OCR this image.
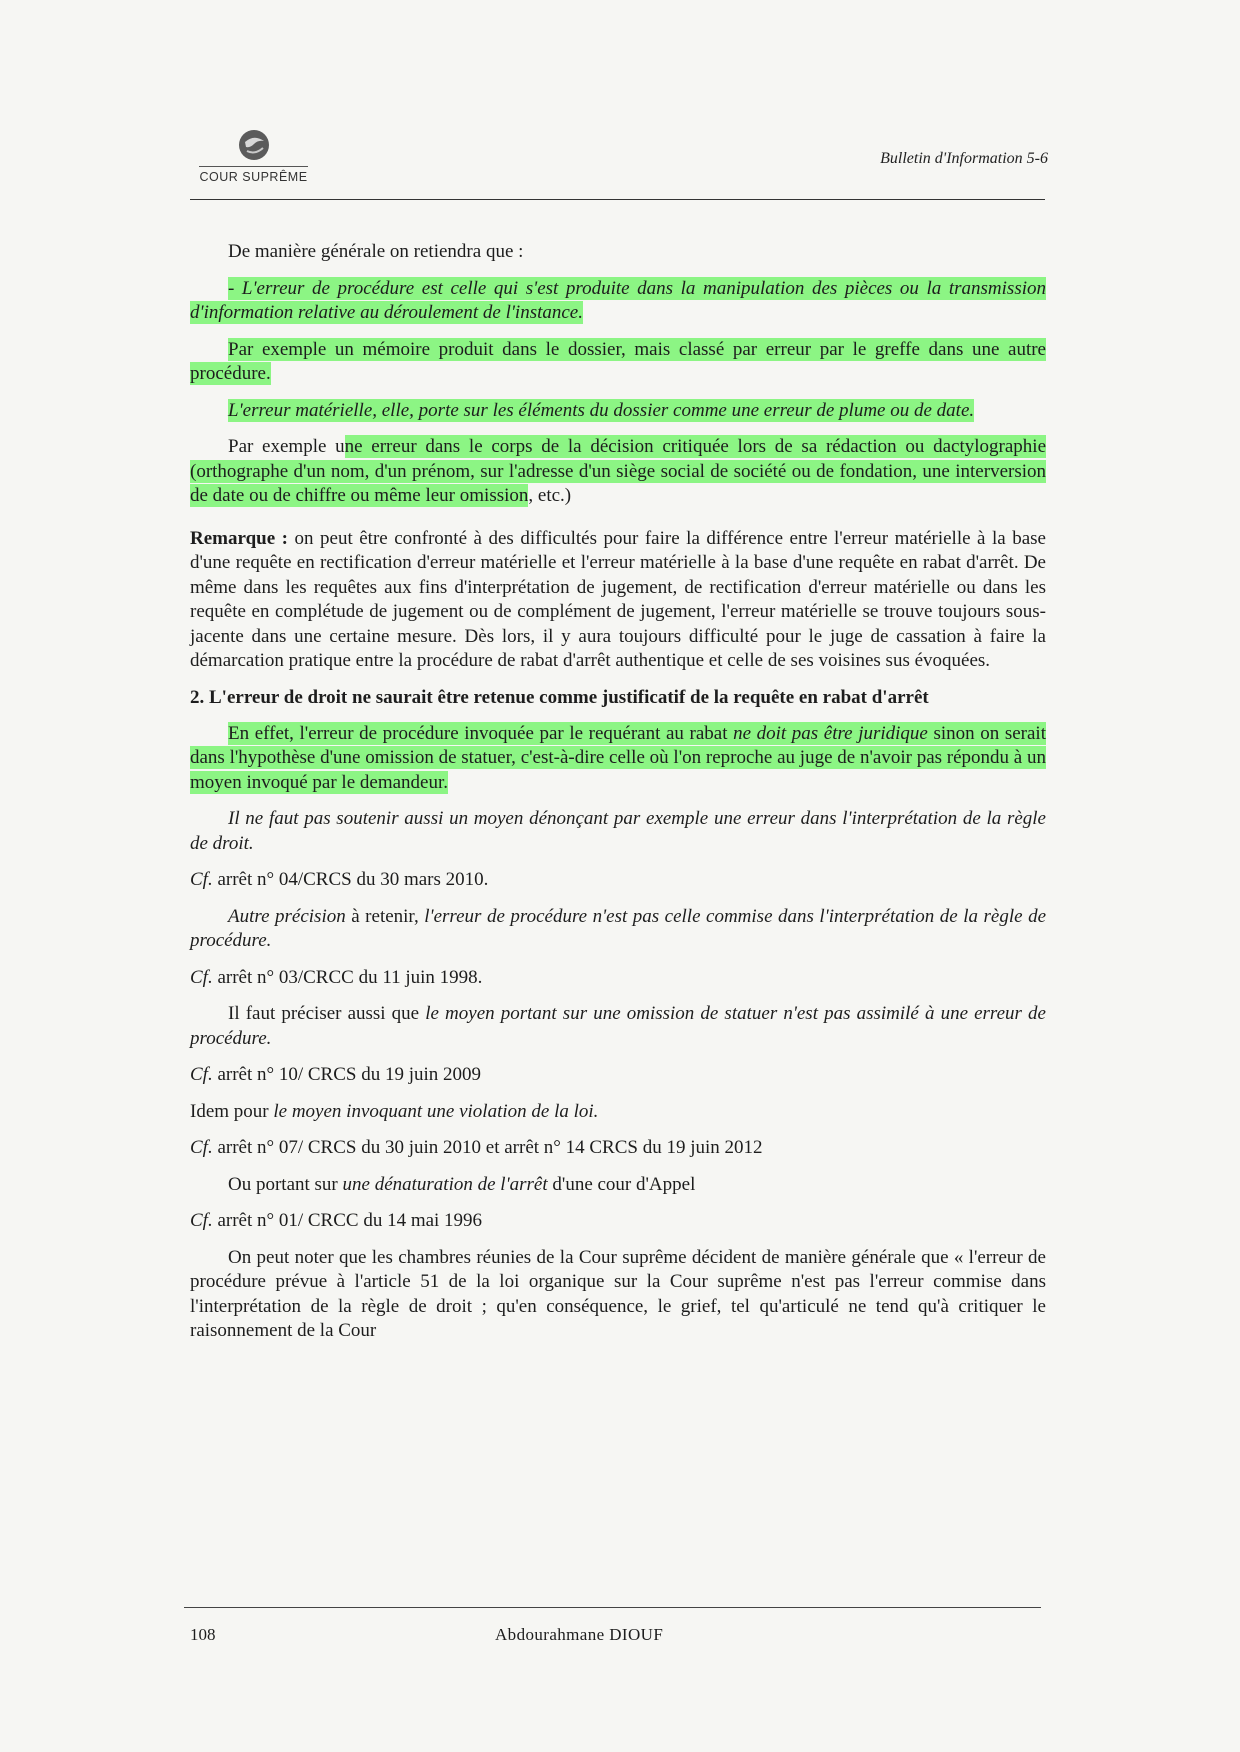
COUR SUPRÊME
Bulletin d'Information 5-6

De manière générale on retiendra que :

- L'erreur de procédure est celle qui s'est produite dans la manipulation des pièces ou la transmission d'information relative au déroulement de l'instance.

Par exemple un mémoire produit dans le dossier, mais classé par erreur par le greffe dans une autre procédure.

L'erreur matérielle, elle, porte sur les éléments du dossier comme une erreur de plume ou de date.

Par exemple une erreur dans le corps de la décision critiquée lors de sa rédaction ou dactylographie (orthographe d'un nom, d'un prénom, sur l'adresse d'un siège social de société ou de fondation, une interversion de date ou de chiffre ou même leur omission, etc.)

Remarque : on peut être confronté à des difficultés pour faire la différence entre l'erreur matérielle à la base d'une requête en rectification d'erreur matérielle et l'erreur matérielle à la base d'une requête en rabat d'arrêt. De même dans les requêtes aux fins d'interprétation de jugement, de rectification d'erreur matérielle ou dans les requête en complétude de jugement ou de complément de jugement, l'erreur matérielle se trouve toujours sous-jacente dans une certaine mesure. Dès lors, il y aura toujours difficulté pour le juge de cassation à faire la démarcation pratique entre la procédure de rabat d'arrêt authentique et celle de ses voisines sus évoquées.

2. L'erreur de droit ne saurait être retenue comme justificatif de la requête en rabat d'arrêt

En effet, l'erreur de procédure invoquée par le requérant au rabat ne doit pas être juridique sinon on serait dans l'hypothèse d'une omission de statuer, c'est-à-dire celle où l'on reproche au juge de n'avoir pas répondu à un moyen invoqué par le demandeur.

Il ne faut pas soutenir aussi un moyen dénonçant par exemple une erreur dans l'interprétation de la règle de droit.

Cf. arrêt n° 04/CRCS du 30 mars 2010.

Autre précision à retenir, l'erreur de procédure n'est pas celle commise dans l'interprétation de la règle de procédure.

Cf. arrêt n° 03/CRCC du 11 juin 1998.

Il faut préciser aussi que le moyen portant sur une omission de statuer n'est pas assimilé à une erreur de procédure.

Cf. arrêt n° 10/ CRCS du 19 juin 2009

Idem pour le moyen invoquant une violation de la loi.

Cf. arrêt n° 07/ CRCS du 30 juin 2010 et arrêt n° 14 CRCS du 19 juin 2012

Ou portant sur une dénaturation de l'arrêt d'une cour d'Appel

Cf. arrêt n° 01/ CRCC du 14 mai 1996

On peut noter que les chambres réunies de la Cour suprême décident de manière générale que « l'erreur de procédure prévue à l'article 51 de la loi organique sur la Cour suprême n'est pas l'erreur commise dans l'interprétation de la règle de droit ; qu'en conséquence, le grief, tel qu'articulé ne tend qu'à critiquer le raisonnement de la Cour

108	Abdourahmane DIOUF
